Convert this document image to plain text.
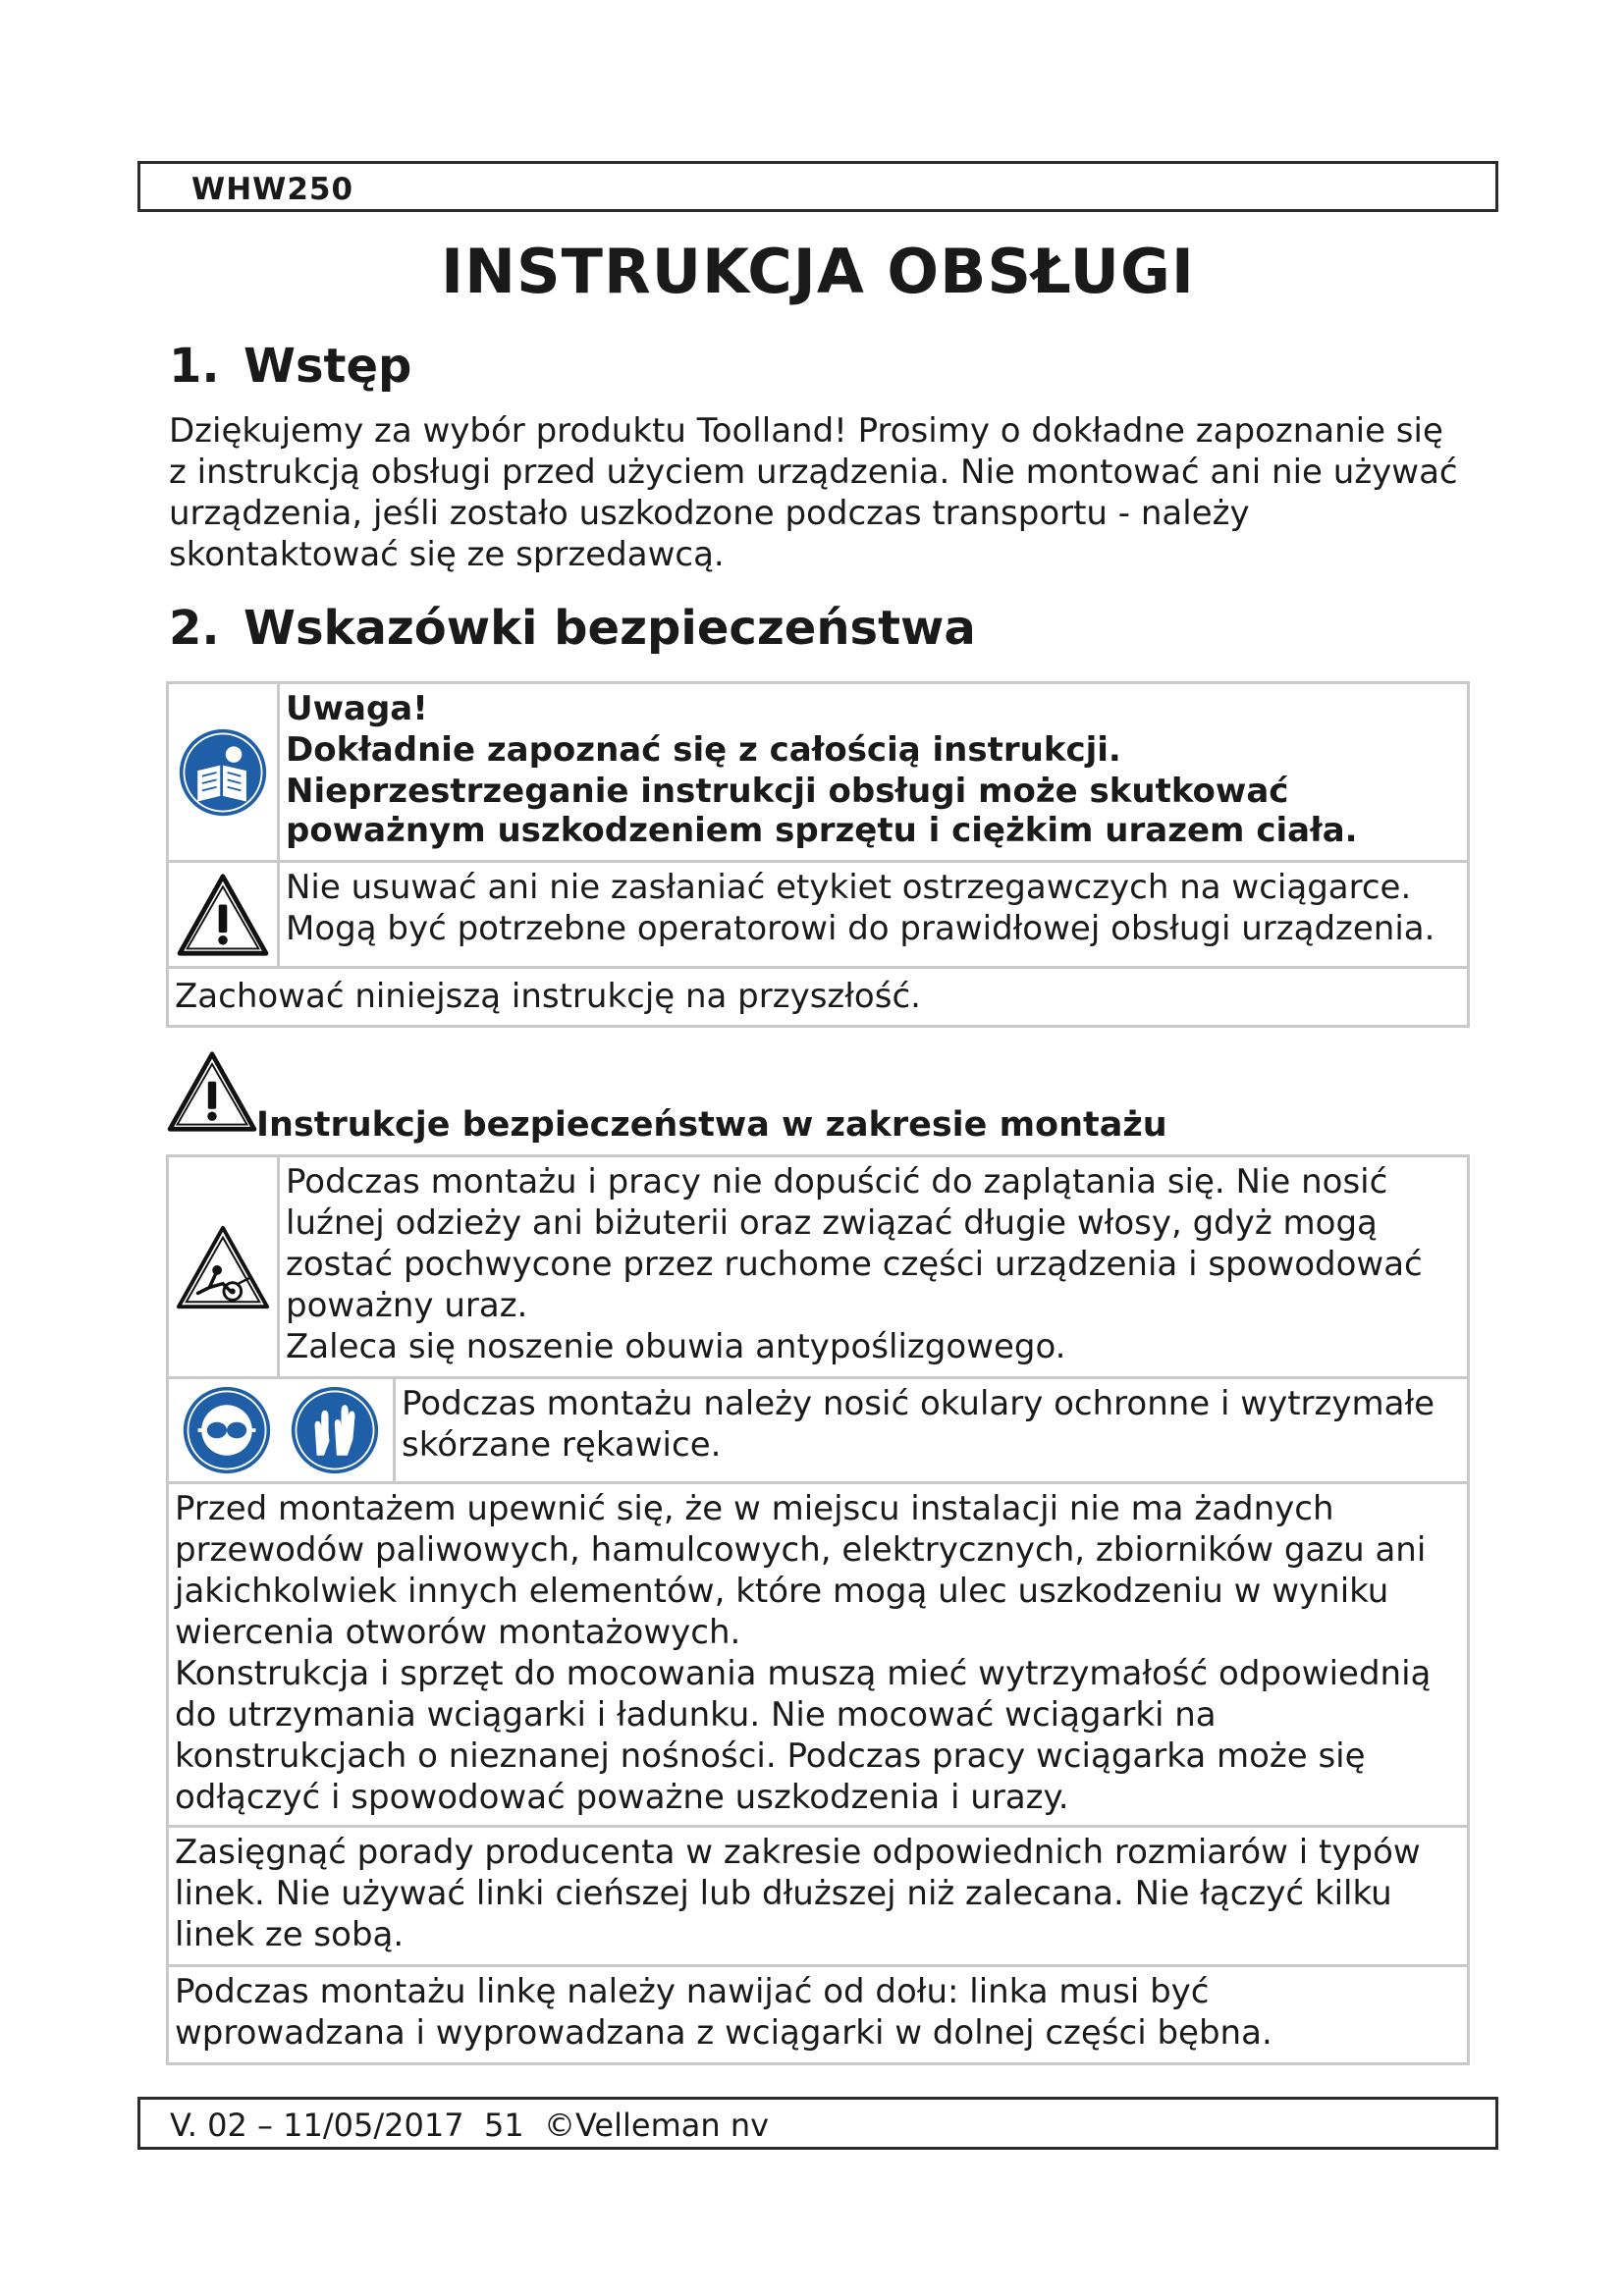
WHW250
INSTRUKCJA OBSŁUGI
1. Wstęp
Dziękujemy za wybór produktu Toolland! Prosimy o dokładne zapoznanie się
z instrukcją obsługi przed użyciem urządzenia. Nie montować ani nie używać
urządzenia, jeśli zostało uszkodzone podczas transportu - należy
skontaktować się ze sprzedawcą.
2. Wskazówki bezpieczeństwa

Uwaga!
Dokładnie zapoznać się z całością instrukcji.
Nieprzestrzeganie instrukcji obsługi może skutkować
poważnym uszkodzeniem sprzętu i ciężkim urazem ciała.

Nie usuwać ani nie zasłaniać etykiet ostrzegawczych na wciągarce.
Mogą być potrzebne operatorowi do prawidłowej obsługi urządzenia.

Zachować niniejszą instrukcję na przyszłość.	
Instrukcje bezpieczeństwa w zakresie montażu

Podczas montażu i pracy nie dopuścić do zaplątania się. Nie nosić
luźnej odzieży ani biżuterii oraz związać długie włosy, gdyż mogą
zostać pochwycone przez ruchome części urządzenia i spowodować
poważny uraz.
Zaleca się noszenie obuwia antypoślizgowego.

Podczas montażu należy nosić okulary ochronne i wytrzymałe
skórzane rękawice.

Przed montażem upewnić się, że w miejscu instalacji nie ma żadnych
przewodów paliwowych, hamulcowych, elektrycznych, zbiorników gazu ani
jakichkolwiek innych elementów, które mogą ulec uszkodzeniu w wyniku
wiercenia otworów montażowych.
Konstrukcja i sprzęt do mocowania muszą mieć wytrzymałość odpowiednią
do utrzymania wciągarki i ładunku. Nie mocować wciągarki na
konstrukcjach o nieznanej nośności. Podczas pracy wciągarka może się
odłączyć i spowodować poważne uszkodzenia i urazy.

Zasięgnąć porady producenta w zakresie odpowiednich rozmiarów i typów
linek. Nie używać linki cieńszej lub dłuższej niż zalecana. Nie łączyć kilku
linek ze sobą.

Podczas montażu linkę należy nawijać od dołu: linka musi być
wprowadzana i wyprowadzana z wciągarki w dolnej części bębna.
V. 02 – 11/05/2017  51  ©Velleman nv
